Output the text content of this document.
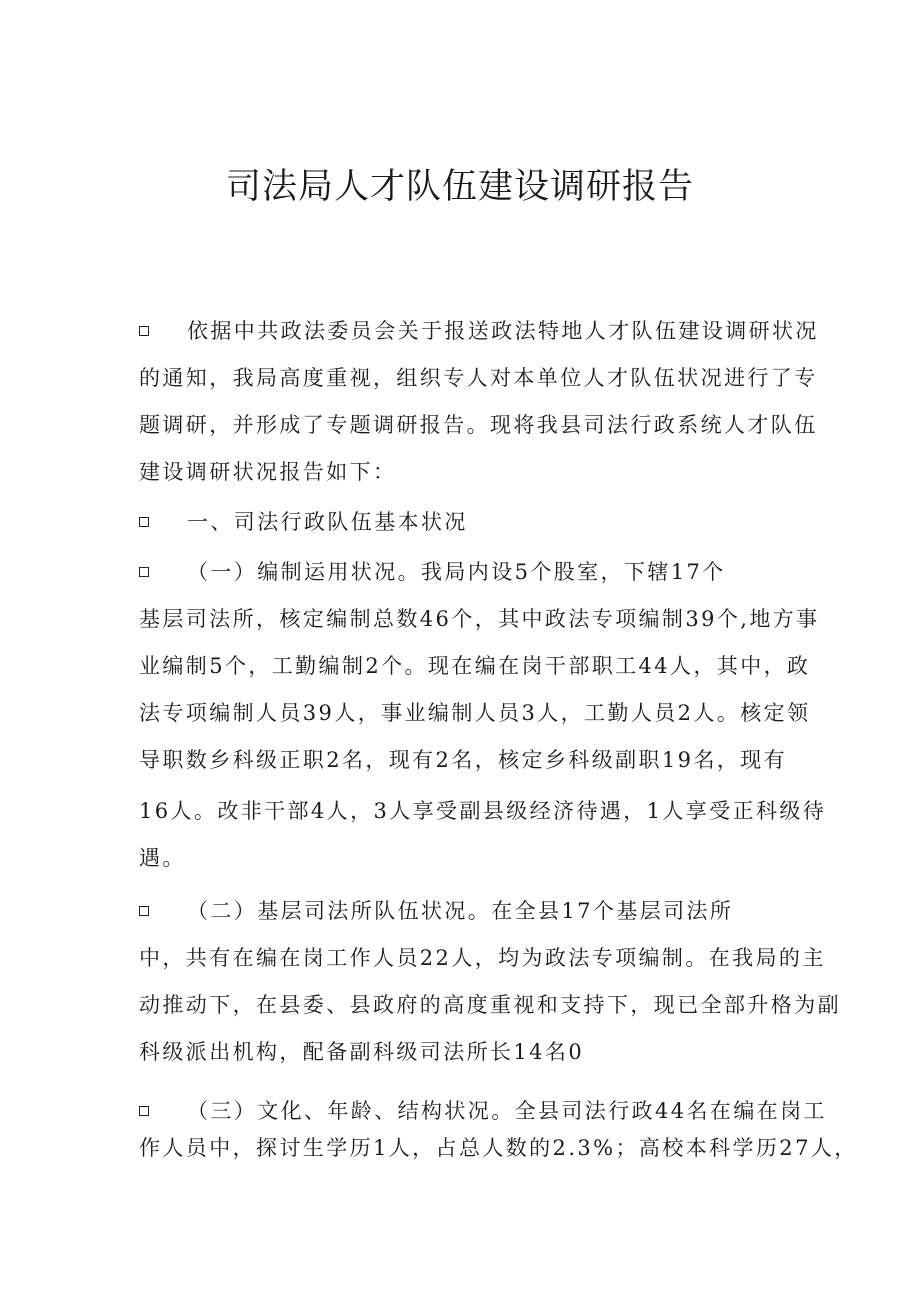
司法局人才队伍建设调研报告
依据中共政法委员会关于报送政法特地人才队伍建设调研状况
的通知，我局高度重视，组织专人对本单位人才队伍状况进行了专
题调研，并形成了专题调研报告。现将我县司法行政系统人才队伍
建设调研状况报告如下：
一、司法行政队伍基本状况
（一）编制运用状况。我局内设5个股室，下辖17个
基层司法所，核定编制总数46个，其中政法专项编制39个,地方事
业编制5个，工勤编制2个。现在编在岗干部职工44人，其中，政
法专项编制人员39人，事业编制人员3人，工勤人员2人。核定领
导职数乡科级正职2名，现有2名，核定乡科级副职19名，现有
16人。改非干部4人，3人享受副县级经济待遇，1人享受正科级待
遇。
（二）基层司法所队伍状况。在全县17个基层司法所
中，共有在编在岗工作人员22人，均为政法专项编制。在我局的主
动推动下，在县委、县政府的高度重视和支持下，现已全部升格为副
科级派出机构，配备副科级司法所长14名0
（三）文化、年龄、结构状况。全县司法行政44名在编在岗工
作人员中，探讨生学历1人，占总人数的2.3%；高校本科学历27人，
